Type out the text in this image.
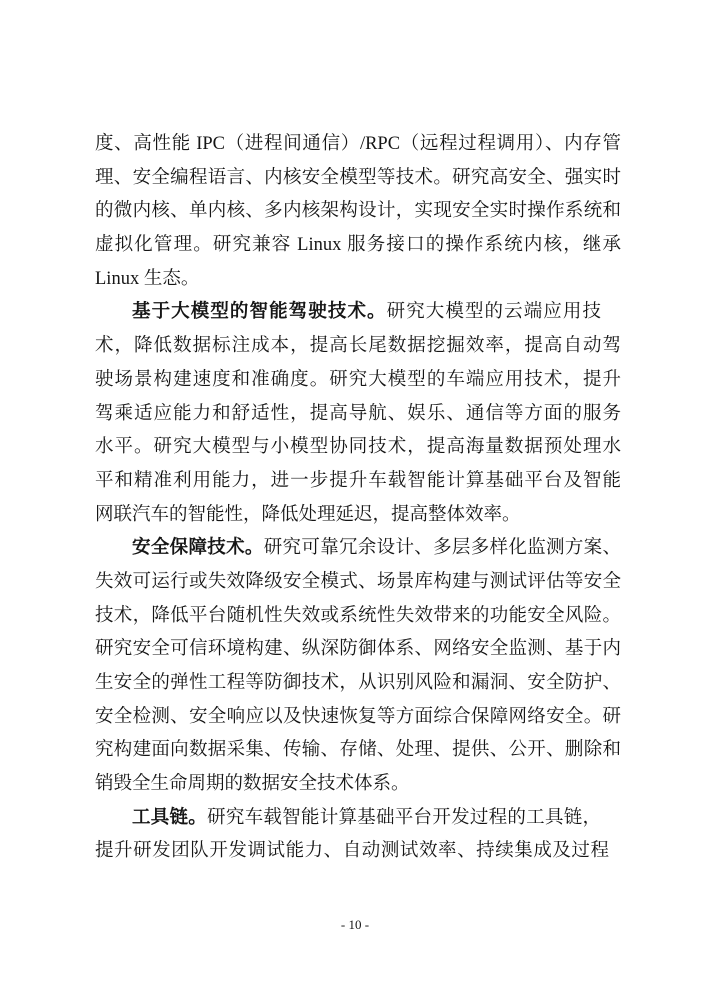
度、高性能 IPC（进程间通信）/RPC（远程过程调用）、内存管
理、安全编程语言、内核安全模型等技术。研究高安全、强实时
的微内核、单内核、多内核架构设计，实现安全实时操作系统和
虚拟化管理。研究兼容 Linux 服务接口的操作系统内核，继承
Linux 生态。
基于大模型的智能驾驶技术。研究大模型的云端应用技
术，降低数据标注成本，提高长尾数据挖掘效率，提高自动驾
驶场景构建速度和准确度。研究大模型的车端应用技术，提升
驾乘适应能力和舒适性，提高导航、娱乐、通信等方面的服务
水平。研究大模型与小模型协同技术，提高海量数据预处理水
平和精准利用能力，进一步提升车载智能计算基础平台及智能
网联汽车的智能性，降低处理延迟，提高整体效率。
安全保障技术。研究可靠冗余设计、多层多样化监测方案、
失效可运行或失效降级安全模式、场景库构建与测试评估等安全
技术，降低平台随机性失效或系统性失效带来的功能安全风险。
研究安全可信环境构建、纵深防御体系、网络安全监测、基于内
生安全的弹性工程等防御技术，从识别风险和漏洞、安全防护、
安全检测、安全响应以及快速恢复等方面综合保障网络安全。研
究构建面向数据采集、传输、存储、处理、提供、公开、删除和
销毁全生命周期的数据安全技术体系。
工具链。研究车载智能计算基础平台开发过程的工具链，
提升研发团队开发调试能力、自动测试效率、持续集成及过程
- 10 -
